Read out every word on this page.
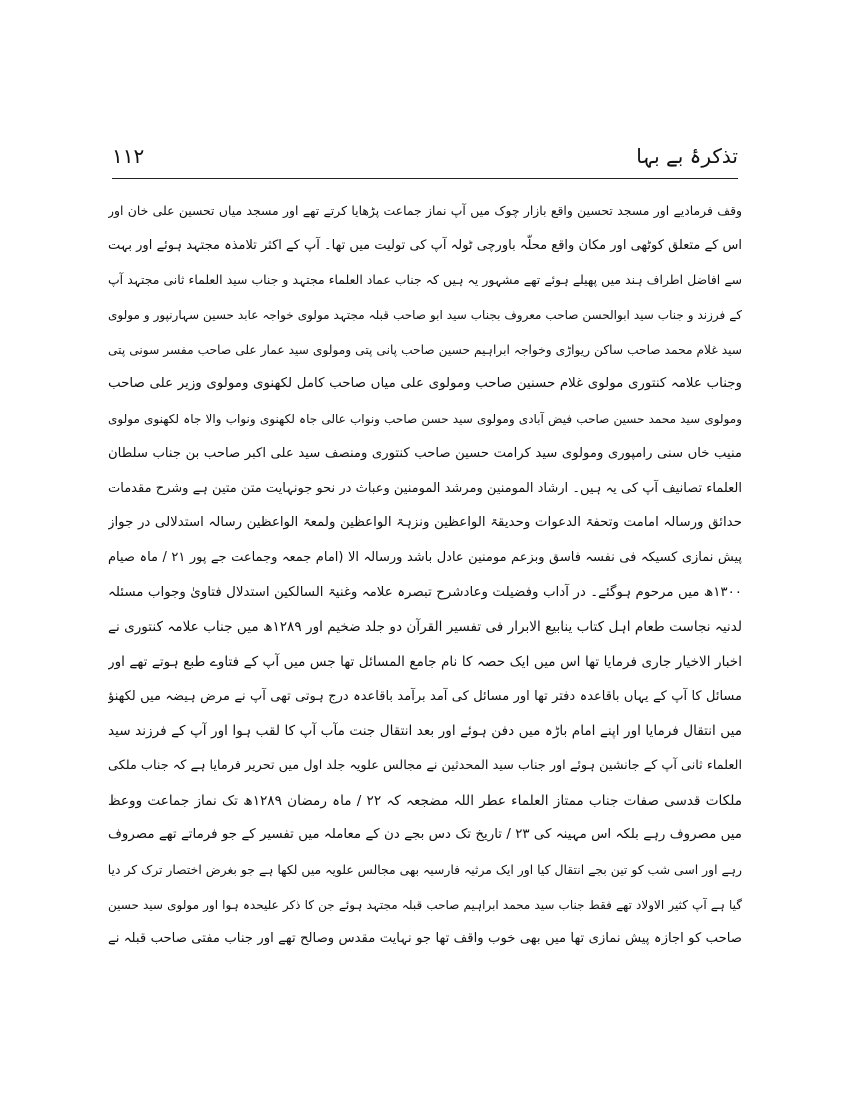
تذکرۂ بے بہا
۱۱۲
وقف فرمادیے اور مسجد تحسین واقع بازار چوک میں آپ نماز جماعت پڑھایا کرتے تھے اور مسجد میاں تحسین علی خان اور
اس کے متعلق کوٹھی اور مکان واقع محلّہ باورچی ٹولہ آپ کی تولیت میں تھا۔ آپ کے اکثر تلامذہ مجتہد ہوئے اور بہت
سے افاضل اطراف ہند میں پھیلے ہوئے تھے مشہور یہ ہیں کہ جناب عماد العلماء مجتہد و جناب سید العلماء ثانی مجتہد آپ
کے فرزند و جناب سید ابوالحسن صاحب معروف بجناب سید ابو صاحب قبلہ مجتہد مولوی خواجہ عابد حسین سہارنپور و مولوی
سید غلام محمد صاحب ساکن ریواڑی وخواجہ ابراہیم حسین صاحب پانی پتی ومولوی سید عمار علی صاحب مفسر سونی پتی
وجناب علامہ کنتوری مولوی غلام حسنین صاحب ومولوی علی میاں صاحب کامل لکھنوی ومولوی وزیر علی صاحب
ومولوی سید محمد حسین صاحب فیض آبادی ومولوی سید حسن صاحب ونواب عالی جاہ لکھنوی ونواب والا جاہ لکھنوی مولوی
منیب خاں سنی رامپوری ومولوی سید کرامت حسین صاحب کنتوری ومنصف سید علی اکبر صاحب بن جناب سلطان
العلماء تصانیف آپ کی یہ ہیں۔ ارشاد المومنین ومرشد المومنین وعباث در نحو جونہایت متن متین ہے وشرح مقدمات
حدائق ورسالہ امامت وتحفۃ الدعوات وحدیقۃ الواعظین ونزہۃ الواعظین ولمعۃ الواعظین رسالہ استدلالی در جواز
پیش نمازی کسیکہ فی نفسہ فاسق وبزعم مومنین عادل باشد ورسالہ الا (امام جمعہ وجماعت جے پور ۲۱ / ماہ صیام
۱۳۰۰ھ میں مرحوم ہوگئے۔ در آداب وفضیلت وعادشرح تبصرہ علامہ وغنیۃ السالکین استدلال فتاویٰ وجواب مسئلہ
لدنیہ نجاست طعام اہل کتاب ینابیع الابرار فی تفسیر القرآن دو جلد ضخیم اور ۱۲۸۹ھ میں جناب علامہ کنتوری نے
اخبار الاخیار جاری فرمایا تھا اس میں ایک حصہ کا نام جامع المسائل تھا جس میں آپ کے فتاوے طبع ہوتے تھے اور
مسائل کا آپ کے یہاں باقاعدہ دفتر تھا اور مسائل کی آمد برآمد باقاعدہ درج ہوتی تھی آپ نے مرض ہیضہ میں لکھنؤ
میں انتقال فرمایا اور اپنے امام باڑہ میں دفن ہوئے اور بعد انتقال جنت مآب آپ کا لقب ہوا اور آپ کے فرزند سید
العلماء ثانی آپ کے جانشین ہوئے اور جناب سید المحدثین نے مجالس علویہ جلد اول میں تحریر فرمایا ہے کہ جناب ملکی
ملکات قدسی صفات جناب ممتاز العلماء عطر اللہ مضجعہ کہ ۲۲ / ماہ رمضان ۱۲۸۹ھ تک نماز جماعت ووعظ
میں مصروف رہے بلکہ اس مہینہ کی ۲۳ / تاریخ تک دس بجے دن کے معاملہ میں تفسیر کے جو فرماتے تھے مصروف
رہے اور اسی شب کو تین بجے انتقال کیا اور ایک مرثیہ فارسیہ بھی مجالس علویہ میں لکھا ہے جو بغرض اختصار ترک کر دیا
گیا ہے آپ کثیر الاولاد تھے فقط جناب سید محمد ابراہیم صاحب قبلہ مجتہد ہوئے جن کا ذکر علیحدہ ہوا اور مولوی سید حسین
صاحب کو اجازہ پیش نمازی تھا میں بھی خوب واقف تھا جو نہایت مقدس وصالح تھے اور جناب مفتی صاحب قبلہ نے
